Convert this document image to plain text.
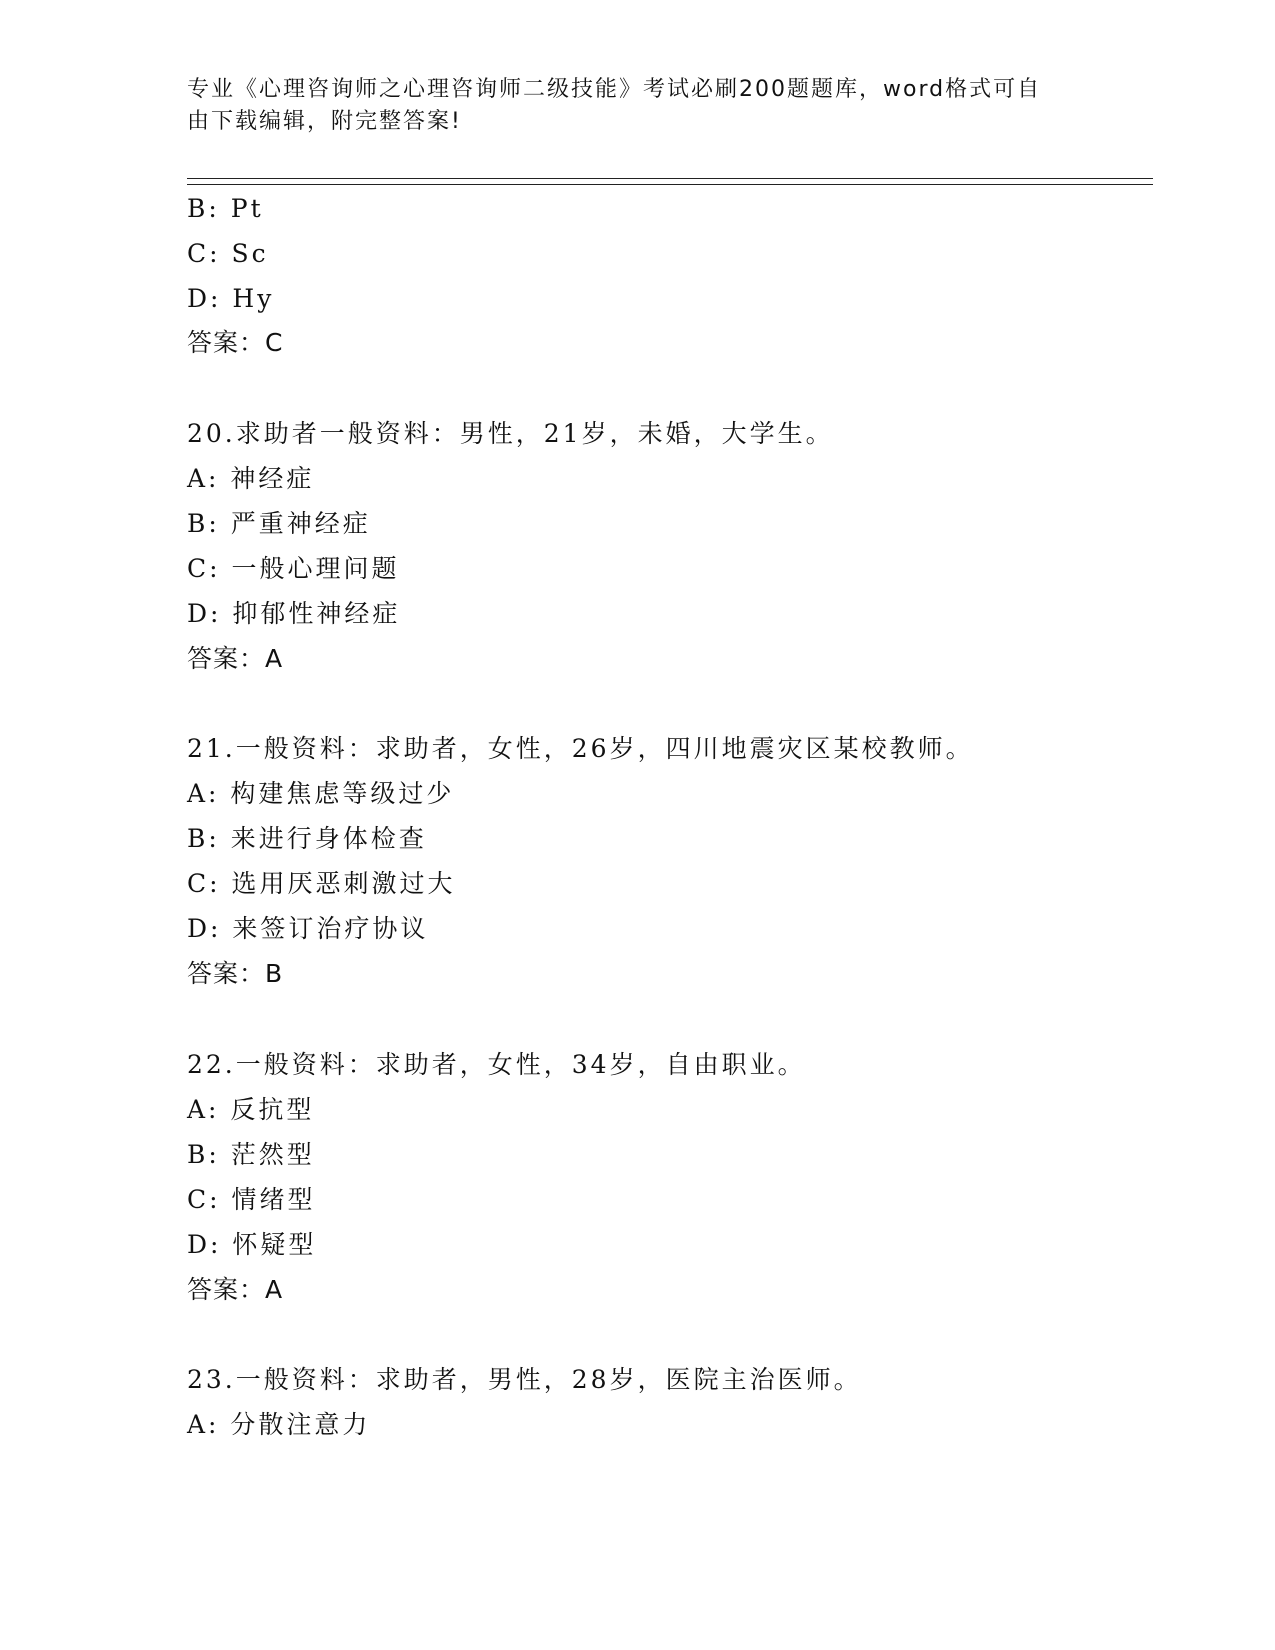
专业《心理咨询师之心理咨询师二级技能》考试必刷200题题库，word格式可自
由下载编辑，附完整答案!
B: Pt
C: Sc
D: Hy
答案：C
20.求助者一般资料：男性，21岁，未婚，大学生。
A: 神经症
B: 严重神经症
C: 一般心理问题
D: 抑郁性神经症
答案：A
21.一般资料：求助者，女性，26岁，四川地震灾区某校教师。
A: 构建焦虑等级过少
B: 来进行身体检查
C: 选用厌恶刺激过大
D: 来签订治疗协议
答案：B
22.一般资料：求助者，女性，34岁，自由职业。
A: 反抗型
B: 茫然型
C: 情绪型
D: 怀疑型
答案：A
23.一般资料：求助者，男性，28岁，医院主治医师。
A: 分散注意力
